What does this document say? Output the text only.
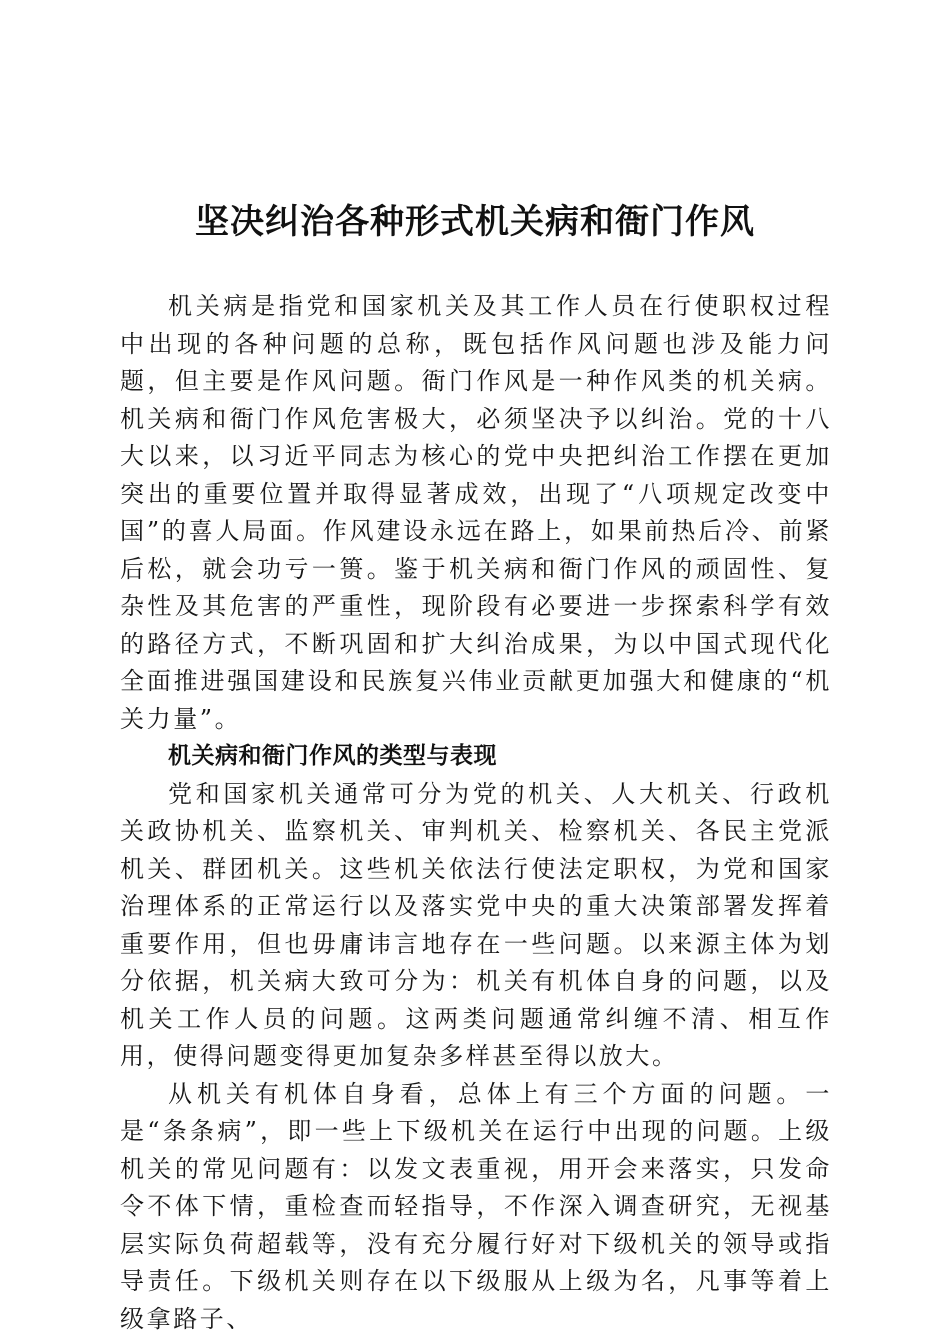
坚决纠治各种形式机关病和衙门作风

机关病是指党和国家机关及其工作人员在行使职权过程中出现的各种问题的总称，既包括作风问题也涉及能力问题，但主要是作风问题。衙门作风是一种作风类的机关病。机关病和衙门作风危害极大，必须坚决予以纠治。党的十八大以来，以习近平同志为核心的党中央把纠治工作摆在更加突出的重要位置并取得显著成效，出现了“八项规定改变中国”的喜人局面。作风建设永远在路上，如果前热后冷、前紧后松，就会功亏一篑。鉴于机关病和衙门作风的顽固性、复杂性及其危害的严重性，现阶段有必要进一步探索科学有效的路径方式，不断巩固和扩大纠治成果，为以中国式现代化全面推进强国建设和民族复兴伟业贡献更加强大和健康的“机关力量”。

机关病和衙门作风的类型与表现

党和国家机关通常可分为党的机关、人大机关、行政机关政协机关、监察机关、审判机关、检察机关、各民主党派机关、群团机关。这些机关依法行使法定职权，为党和国家治理体系的正常运行以及落实党中央的重大决策部署发挥着重要作用，但也毋庸讳言地存在一些问题。以来源主体为划分依据，机关病大致可分为：机关有机体自身的问题，以及机关工作人员的问题。这两类问题通常纠缠不清、相互作用，使得问题变得更加复杂多样甚至得以放大。

从机关有机体自身看，总体上有三个方面的问题。一是“条条病”，即一些上下级机关在运行中出现的问题。上级机关的常见问题有：以发文表重视，用开会来落实，只发命令不体下情，重检查而轻指导，不作深入调查研究，无视基层实际负荷超载等，没有充分履行好对下级机关的领导或指导责任。下级机关则存在以下级服从上级为名，凡事等着上级拿路子、
